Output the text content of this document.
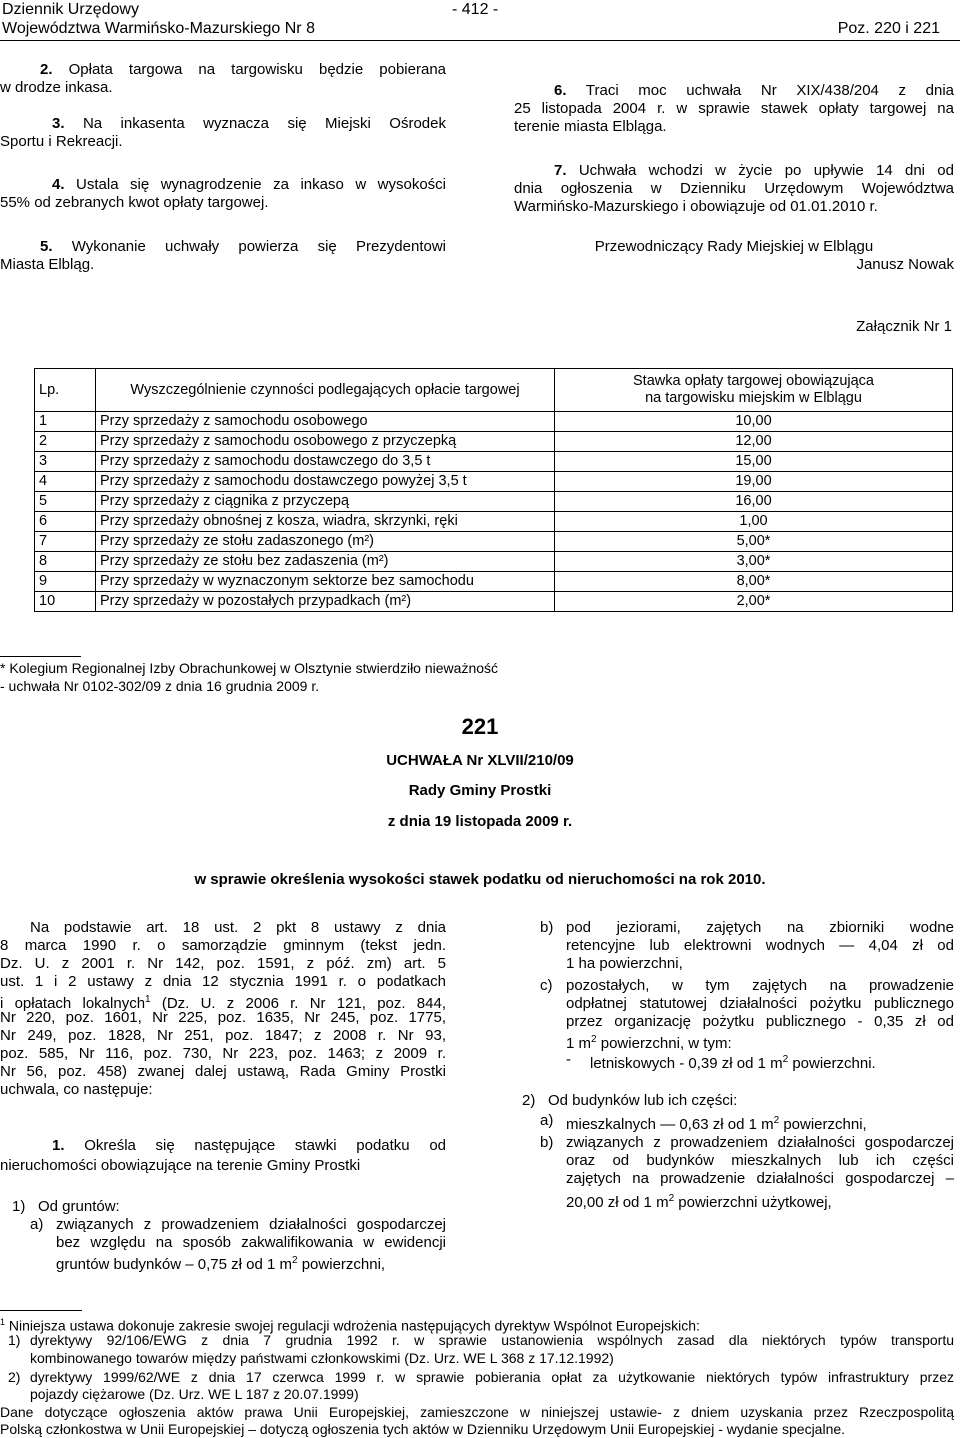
Dziennik Urzędowy
Województwa Warmińsko-Mazurskiego Nr 8
- 412 -
Poz. 220 i 221
2. Opłata targowa na targowisku będzie pobierana
w drodze inkasa.
3. Na inkasenta wyznacza się Miejski Ośrodek
Sportu i Rekreacji.
4. Ustala się wynagrodzenie za inkaso w wysokości
55% od zebranych kwot opłaty targowej.
5. Wykonanie uchwały powierza się Prezydentowi
Miasta Elbląg.
6. Traci moc uchwała Nr XIX/438/204 z dnia
25 listopada 2004 r. w sprawie stawek opłaty targowej na
terenie miasta Elbląga.
7. Uchwała wchodzi w życie po upływie 14 dni od
dnia ogłoszenia w Dzienniku Urzędowym Województwa
Warmińsko-Mazurskiego i obowiązuje od 01.01.2010 r.
Przewodniczący Rady Miejskiej w Elblągu
Janusz Nowak
Załącznik Nr 1
Lp.	Wyszczególnienie czynności podlegających opłacie targowej	Stawka opłaty targowej obowiązująca
na targowisku miejskim w Elblągu

1	Przy sprzedaży z samochodu osobowego	10,00
2	Przy sprzedaży z samochodu osobowego z przyczepką	12,00
3	Przy sprzedaży z samochodu dostawczego do 3,5 t	15,00
4	Przy sprzedaży z samochodu dostawczego powyżej 3,5 t	19,00
5	Przy sprzedaży z ciągnika z przyczepą	16,00
6	Przy sprzedaży obnośnej z kosza, wiadra, skrzynki, ręki	1,00
7	Przy sprzedaży ze stołu zadaszonego (m²)	5,00*
8	Przy sprzedaży ze stołu bez zadaszenia (m²)	3,00*
9	Przy sprzedaży w wyznaczonym sektorze bez samochodu	8,00*
10	Przy sprzedaży w pozostałych przypadkach (m²)	2,00*
* Kolegium Regionalnej Izby Obrachunkowej w Olsztynie stwierdziło nieważność
- uchwała Nr 0102-302/09 z dnia 16 grudnia 2009 r.
221
UCHWAŁA Nr XLVII/210/09
Rady Gminy Prostki
z dnia 19 listopada 2009 r.
w sprawie określenia wysokości stawek podatku od nieruchomości na rok 2010.
Na podstawie art. 18 ust. 2 pkt 8 ustawy z dnia
8 marca 1990 r. o samorządzie gminnym (tekst jedn.
Dz. U. z 2001 r. Nr 142, poz. 1591, z póź. zm) art. 5
ust. 1 i 2 ustawy z dnia 12 stycznia 1991 r. o podatkach
i opłatach lokalnych$^1$ (Dz. U. z 2006 r. Nr 121, poz. 844,
Nr 220, poz. 1601, Nr 225, poz. 1635, Nr 245, poz. 1775,
Nr 249, poz. 1828, Nr 251, poz. 1847; z 2008 r. Nr 93,
poz. 585, Nr 116, poz. 730, Nr 223, poz. 1463; z 2009 r.
Nr 56, poz. 458) zwanej dalej ustawą, Rada Gminy Prostki
uchwala, co następuje:
1. Określa się następujące stawki podatku od
nieruchomości obowiązujące na terenie Gminy Prostki
1) Od gruntów:
a) związanych z prowadzeniem działalności gospodarczej
bez względu na sposób zakwalifikowania w ewidencji
gruntów budynków – 0,75 zł od 1 $m^2$ powierzchni,
b) pod jeziorami, zajętych na zbiorniki wodne
retencyjne lub elektrowni wodnych — 4,04 zł od
1 ha powierzchni,
c) pozostałych, w tym zajętych na prowadzenie
odpłatnej statutowej działalności pożytku publicznego
przez organizację pożytku publicznego - 0,35 zł od
1 $m^2$ powierzchni, w tym:
- letniskowych - 0,39 zł od 1 $m^2$ powierzchni.
2) Od budynków lub ich części:
a) mieszkalnych — 0,63 zł od 1 $m^2$ powierzchni,
b) związanych z prowadzeniem działalności gospodarczej
oraz od budynków mieszkalnych lub ich części
zajętych na prowadzenie działalności gospodarczej –
20,00 zł od 1 $m^2$ powierzchni użytkowej,
$^1$ Niniejsza ustawa dokonuje zakresie swojej regulacji wdrożenia następujących dyrektyw Wspólnot Europejskich:
1) dyrektywy 92/106/EWG z dnia 7 grudnia 1992 r. w sprawie ustanowienia wspólnych zasad dla niektórych typów transportu
kombinowanego towarów między państwami członkowskimi (Dz. Urz. WE L 368 z 17.12.1992)
2) dyrektywy 1999/62/WE z dnia 17 czerwca 1999 r. w sprawie pobierania opłat za użytkowanie niektórych typów infrastruktury przez
pojazdy ciężarowe (Dz. Urz. WE L 187 z 20.07.1999)
Dane dotyczące ogłoszenia aktów prawa Unii Europejskiej, zamieszczone w niniejszej ustawie- z dniem uzyskania przez Rzeczpospolitą
Polską członkostwa w Unii Europejskiej – dotyczą ogłoszenia tych aktów w Dzienniku Urzędowym Unii Europejskiej - wydanie specjalne.
